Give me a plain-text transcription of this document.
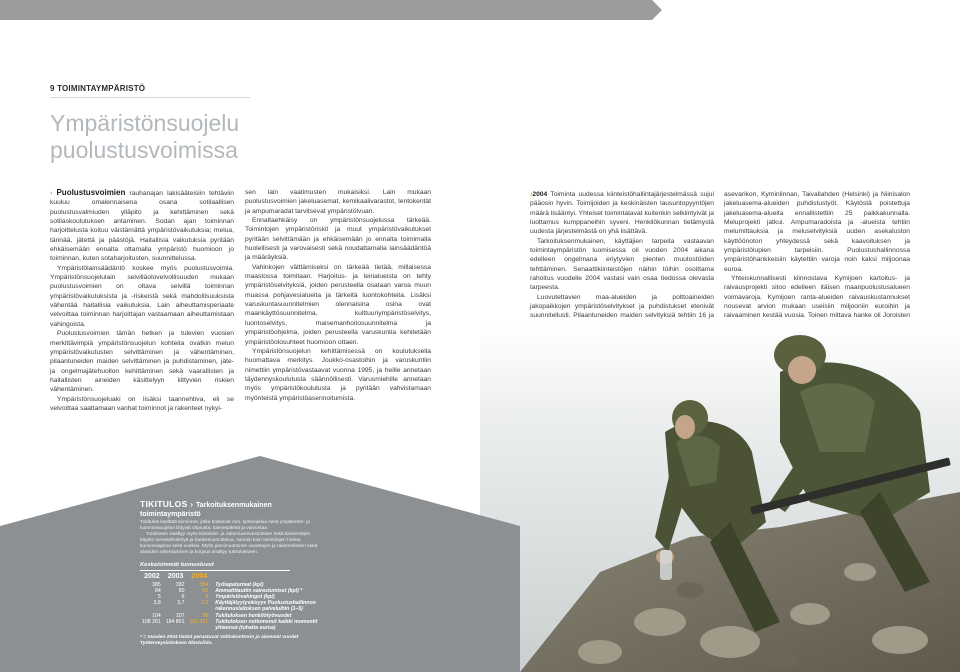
9 TOIMINTAYMPÄRISTÖ
Ympäristönsuojelu
puolustusvoimissa

› Puolustusvoimien rauhanajan lakisääteisiin tehtäviin kuuluu omalennaisena osana sotilaallisen puolustusvalmiuden ylläpito ja kehittäminen sekä sotilaskoulutuksen antaminen. Sodan ajan toiminnan harjoittelusta koituu väistämättä ympäristövaikutuksia; melua, tärinää, jätettä ja päästöjä. Haitallisia vaikutuksia pyritään ehkäisemään ennalta ottamalla ympäristö huomioon jo toiminnan, kuten sotaharjoitusten, suunnittelussa.

Ympäristölainsäädäntö koskee myös puolustusvoimia. Ympäristönsuojelulain selvilläolovelvollisuuden mukaan puolustusvoimien on oltava selvillä toiminnan ympäristövaikutuksista ja -riskeistä sekä mahdollisuuksista vähentää haitallisia vaikutuksia. Lain aiheuttamisperiaate velvoittaa toiminnan harjoittajan vastaamaan aiheuttamistaan vahingoista.

Puolustusvoimien tämän hetken ja tulevien vuosien merkittävimpiä ympäristönsuojelun kohteita ovatkin melun ympäristövaikutusten selvittäminen ja vähentäminen, pilaantuneiden maiden selvittäminen ja puhdistaminen, jäte- ja ongelmajätehuollon kehittäminen sekä vaarallisten ja haitallisten aineiden käsittelyyn liittyvien riskien vähentäminen.

Ympäristönsuojeluaki on lisäksi taannehtiva, eli se velvoittaa saattamaan vanhat toiminnot ja rakenteet nykyi-

sen lain vaatimusten mukaisiksi. Lain mukaan puolustusvoimien jakeluasemat, kemikaalivarastot, lentokentät ja ampumaradat tarvitsevat ympäristölvuan.

Ennaltaehkäisy on ympäristönsuojelussa tärkeää. Toimintojen ympäristöriskit ja muut ympäristövaikutukset pyritään selvittämään ja ehkäisemään jo ennalta toimimalla huolellisesti ja varovaisesti sekä noudattamalla lainsäädäntöä ja määräyksiä.

Vahinkojen välttämiseksi on tärkeää tietää, millaisessa maastossa toimitaan. Harjoitus- ja leirialueista on tehty ympäristöselvityksiä, joiden perusteella osataan varoa muun muassa pohjavesialueita ja tärkeitä luontokohteita. Lisäksi varuskuntasuunnitelmien olennaisina osina ovat maankäyttösuunnitelma, kulttuuriympäristöselvitys, luontoselvitys, maisemanhoitosuunnitelma ja ympäristöohjelma, joiden perusteella varuskuntia kehitetään ympäristöolosuhteet huomioon ottaen.

Ympäristönsuojelun kehittämisessä on koulutuksella huomattava merkitys. Joukko-osastoihin ja varuskuntiin nimettiin ympäristövastaavat vuonna 1995, ja heille annetaan täydennyskoulutusta säännöllisesti. Varusmiehille annetaan myös ympäristökoulutusta ja pyritään vahvistamaan myönteistä ympäristöasennoitumista.

›2004 Toiminta uudessa kiinteistöhallintajärjestelmässä sujui pääosin hyvin. Toimijoiden ja keskinäisten lausuntopyyntöjen määrä lisääntyi. Yhteiset toimintatavat kuitenkin selkiintyivät ja luottamus kumppaneihin syveni. Henkilökunnan tietämystä uudesta järjestelmästä on yhä lisättävä.

Tarkoituksenmukainen, käyttäjien tarpeita vastaavan toimintaympäristön luomisessa oli vuoden 2004 aikana edelleen ongelmana eriytyvien pienten muutostöiden tehttäminen. Senaattikiinteistöjen näihin töihin osoittama rahoitus vuodelle 2004 vastasi vain osaa tiedossa olevasta tarpeesta.

Luovutettavien maa-alueiden ja polttoaineiden jakopaikkojen ympäristöselvitykset ja puhdistukset etenivät suunnitellusti. Pilaantuneiden maiden selvityksiä tehtiin 16 ja

asevarikon, Kyminlinnan, Taivallahden (Helsinki) ja Niinisalon jakeluasema-alueiden puhdistustyöt. Käytöstä poistettuja jakeluasema-alueita ennallistettiin 25 paikkakunnalla. Meluprojekti jatkui. Ampumaradoista ja -alueista tehtiin melumittauksia ja meluselvityksiä uuden asekaluston käyttöönoton yhteydessä sekä kaavoituksen ja ympäristölupien tarpeisiin. Puolustushallinnossa ympäristöhankkeisiin käytettiin varoja noin kaksi miljoonaa euroa.

Yhteiskunnallisesti kiinnostava Kymijoen kartoitus- ja raivausprojekti sitoo edelleen itäisen maanpuolustusalueen voimavaroja. Kymijoen ranta-alueiden raivauskustannukset nousevat arvion mukaan useisiin miljooniin euroihin ja raivaaminen kestää vuosia. Toinen mittava hanke oli Joroisten

TIKITULOS › Tarkoituksenmukainen toimintaympäristö

Tukitulos kasittää toiminnot, jotka koskevat mm. työsuojelua sekä ympäristön- ja luonnonsuojelun liittyviä ohjausta, toimenpiteitä ja valvontaa.

Tulokseen sisältyy myös kiinteistö- ja rakennusinvestointien sekä kiinteistöjen käytön tarvesellvittelyä ja hankesuunnittelua, samoin kuin toimitilojen hoitoa, kunnossapitoa sekä vuokria. Myös pienimuotoinen varastojen ja rakennelmien sekä alueiden rakentaminen ja korjaus sisältyy tukitulokseen.

Keskeisimmät tunnusluvut
2002	2003	2004	
385	382	384	Työtapaturmat (kpl)
84	80	55	Ammattitautiin sairastumiset (kpl) *
5	6	8	Ympäristövahingot (kpl)
3,8	3,7	3,5	Käyttäjätyytyväisyys Puolustushallinnon rakennuslaitoksen palveluihin (1–5)
104	107	98	Tukituloksen henkilötyövuodet
108 261	184 801	191 321	Tukituloksen nettomenot kaikki momentit yhteensä (tuhatta euroa)
* = Vuoden 2004 tiedot perustuvat Valtiokonttorin ja aiemmat vuodet Työterveyslaitoksen tilastoihin.
